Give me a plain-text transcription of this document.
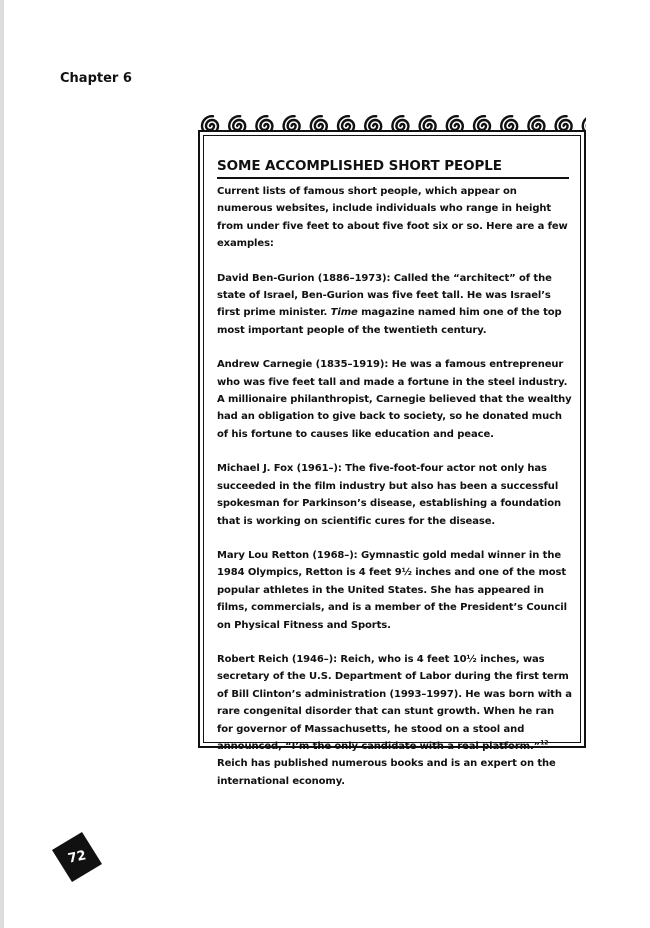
Chapter 6
SOME ACCOMPLISHED SHORT PEOPLE

Current lists of famous short people, which appear on numerous websites, include individuals who range in height from under five feet to about five foot six or so. Here are a few examples:

David Ben-Gurion (1886–1973): Called the “architect” of the state of Israel, Ben-Gurion was five feet tall. He was Israel’s first prime minister. Time magazine named him one of the top most important people of the twentieth century.

Andrew Carnegie (1835–1919): He was a famous entrepreneur who was five feet tall and made a fortune in the steel industry. A millionaire philanthropist, Carnegie believed that the wealthy had an obligation to give back to society, so he donated much of his fortune to causes like education and peace.

Michael J. Fox (1961–): The five-foot-four actor not only has succeeded in the film industry but also has been a successful spokesman for Parkinson’s disease, establishing a foundation that is working on scientific cures for the disease.

Mary Lou Retton (1968–): Gymnastic gold medal winner in the 1984 Olympics, Retton is 4 feet 9½ inches and one of the most popular athletes in the United States. She has appeared in films, commercials, and is a member of the President’s Council on Physical Fitness and Sports.

Robert Reich (1946–): Reich, who is 4 feet 10½ inches, was secretary of the U.S. Department of Labor during the first term of Bill Clinton’s administration (1993–1997). He was born with a rare congenital disorder that can stunt growth. When he ran for governor of Massachusetts, he stood on a stool and announced, “I’m the only candidate with a real platform.”$^{12}$ Reich has published numerous books and is an expert on the international economy.

72
